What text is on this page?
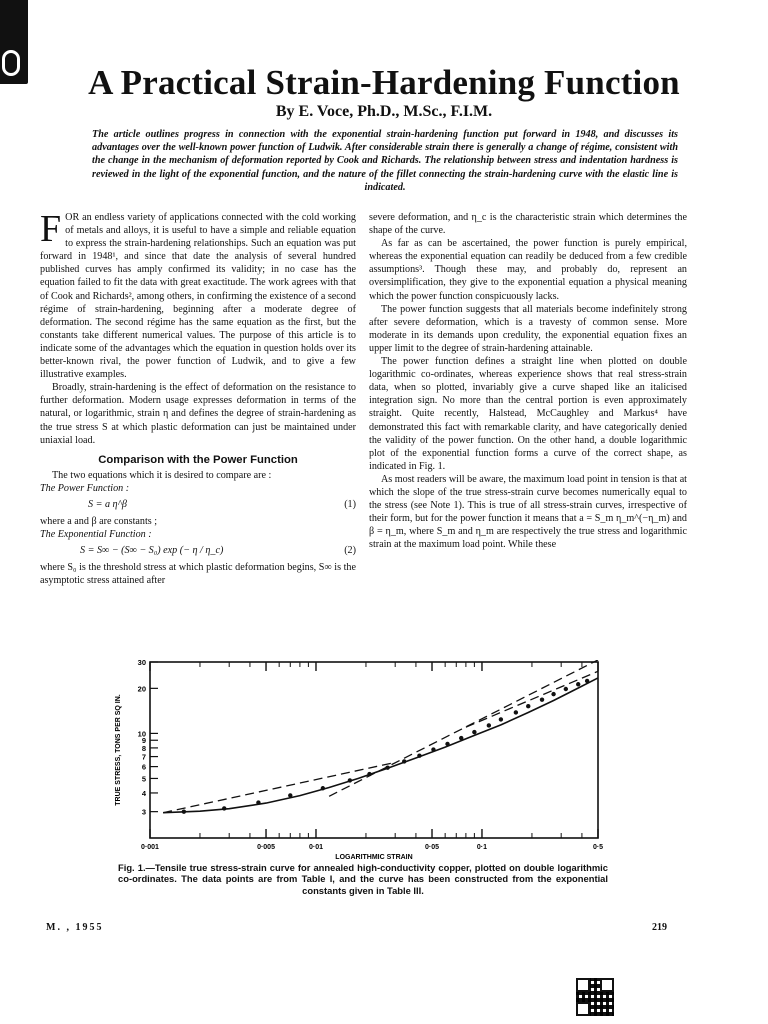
A Practical Strain-Hardening Function
By E. Voce, Ph.D., M.Sc., F.I.M.
The article outlines progress in connection with the exponential strain-hardening function put forward in 1948, and discusses its advantages over the well-known power function of Ludwik. After considerable strain there is generally a change of régime, consistent with the change in the mechanism of deformation reported by Cook and Richards. The relationship between stress and indentation hardness is reviewed in the light of the exponential function, and the nature of the fillet connecting the strain-hardening curve with the elastic line is indicated.

FOR an endless variety of applications connected with the cold working of metals and alloys, it is useful to have a simple and reliable equation to express the strain-hardening relationships. Such an equation was put forward in 1948¹, and since that date the analysis of several hundred published curves has amply confirmed its validity; in no case has the equation failed to fit the data with great exactitude. The work agrees with that of Cook and Richards², among others, in confirming the existence of a second régime of strain-hardening, beginning after a moderate degree of deformation. The second régime has the same equation as the first, but the constants take different numerical values. The purpose of this article is to indicate some of the advantages which the equation in question holds over its better-known rival, the power function of Ludwik, and to give a few illustrative examples.

Broadly, strain-hardening is the effect of deformation on the resistance to further deformation. Modern usage expresses deformation in terms of the natural, or logarithmic, strain η and defines the degree of strain-hardening as the true stress S at which plastic deformation can just be maintained under uniaxial load.

Comparison with the Power Function

The two equations which it is desired to compare are :

The Power Function :

S = a η^β	(1)

where a and β are constants ;

The Exponential Function :

S = S∞ − (S∞ − S₀) exp (− η / η_c)	(2)

where S₀ is the threshold stress at which plastic deformation begins, S∞ is the asymptotic stress attained after

severe deformation, and η_c is the characteristic strain which determines the shape of the curve.

As far as can be ascertained, the power function is purely empirical, whereas the exponential equation can readily be deduced from a few credible assumptions³. Though these may, and probably do, represent an oversimplification, they give to the exponential equation a physical meaning which the power function conspicuously lacks.

The power function suggests that all materials become indefinitely strong after severe deformation, which is a travesty of common sense. More moderate in its demands upon credulity, the exponential equation fixes an upper limit to the degree of strain-hardening attainable.

The power function defines a straight line when plotted on double logarithmic co-ordinates, whereas experience shows that real stress-strain data, when so plotted, invariably give a curve shaped like an italicised integration sign. No more than the central portion is even approximately straight. Quite recently, Halstead, McCaughley and Markus⁴ have demonstrated this fact with remarkable clarity, and have categorically denied the validity of the power function. On the other hand, a double logarithmic plot of the exponential function forms a curve of the correct shape, as indicated in Fig. 1.

As most readers will be aware, the maximum load point in tension is that at which the slope of the true stress-strain curve becomes numerically equal to the stress (see Note 1). This is true of all stress-strain curves, irrespective of their form, but for the power function it means that a = S_m η_m^(−η_m) and β = η_m, where S_m and η_m are respectively the true stress and logarithmic strain at the maximum load point. While these

0·001	0·005	0·01	0·05	0·1	0·5
3
4
5
6
7
8
9
10
20
30
LOGARITHMIC STRAIN
TRUE STRESS, TONS PER SQ IN.
Fig. 1.—Tensile true stress-strain curve for annealed high-conductivity copper, plotted on double logarithmic co-ordinates. The data points are from Table I, and the curve has been constructed from the exponential constants given in Table III.
M. , 1955	219
